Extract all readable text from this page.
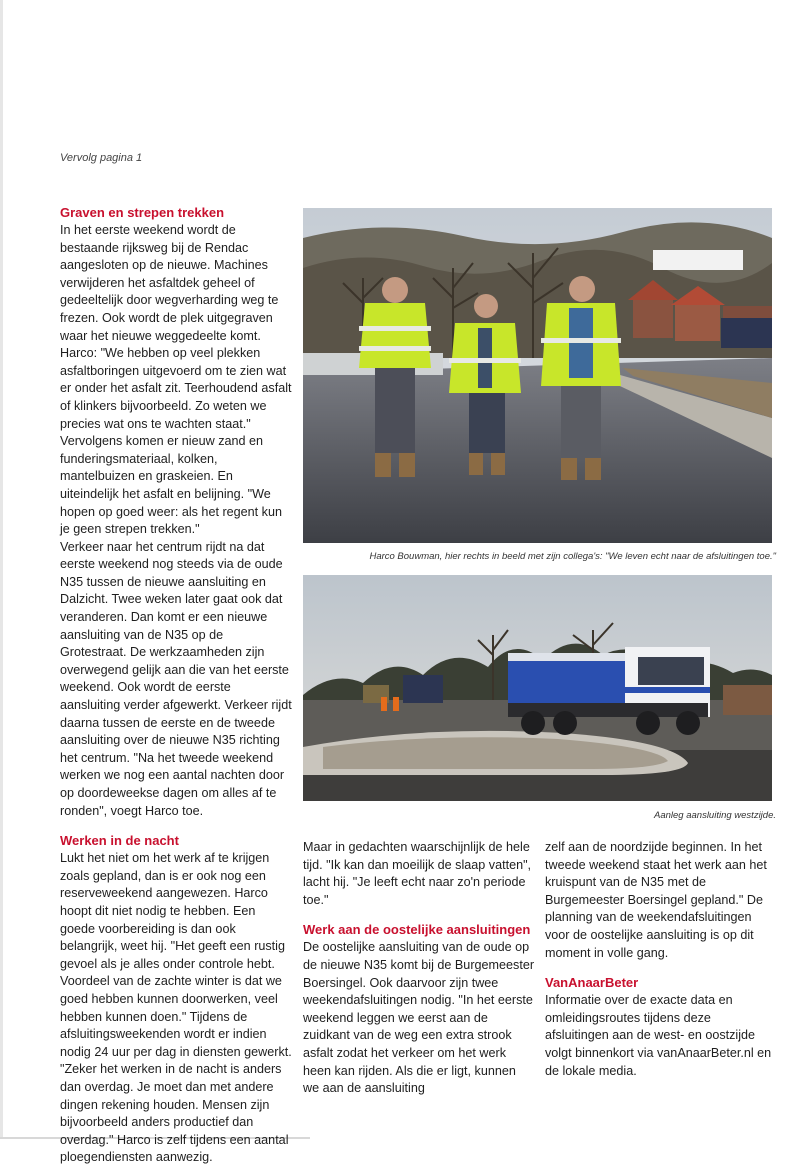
Vervolg pagina 1
Graven en strepen trekken

In het eerste weekend wordt de bestaande rijksweg bij de Rendac aangesloten op de nieuwe. Machines verwijderen het asfaltdek geheel of gedeeltelijk door wegverharding weg te frezen. Ook wordt de plek uitgegraven waar het nieuwe weggedeelte komt. Harco: "We hebben op veel plekken asfaltboringen uitgevoerd om te zien wat er onder het asfalt zit. Teerhoudend asfalt of klinkers bijvoorbeeld. Zo weten we precies wat ons te wachten staat." Vervolgens komen er nieuw zand en funderingsmateriaal, kolken, mantelbuizen en graskeien. En uiteindelijk het asfalt en belijning. "We hopen op goed weer: als het regent kun je geen strepen trekken."

Verkeer naar het centrum rijdt na dat eerste weekend nog steeds via de oude N35 tussen de nieuwe aansluiting en Dalzicht. Twee weken later gaat ook dat veranderen. Dan komt er een nieuwe aansluiting van de N35 op de Grotestraat. De werkzaamheden zijn overwegend gelijk aan die van het eerste weekend. Ook wordt de eerste aansluiting verder afgewerkt. Verkeer rijdt daarna tussen de eerste en de tweede aansluiting over de nieuwe N35 richting het centrum. "Na het tweede weekend werken we nog een aantal nachten door op doordeweekse dagen om alles af te ronden", voegt Harco toe.

Werken in de nacht

Lukt het niet om het werk af te krijgen zoals gepland, dan is er ook nog een reserveweekend aangewezen. Harco hoopt dit niet nodig te hebben. Een goede voorbereiding is dan ook belangrijk, weet hij. "Het geeft een rustig gevoel als je alles onder controle hebt. Voordeel van de zachte winter is dat we goed hebben kunnen doorwerken, veel hebben kunnen doen." Tijdens de afsluitingsweekenden wordt er indien nodig 24 uur per dag in diensten gewerkt. "Zeker het werken in de nacht is anders dan overdag. Je moet dan met andere dingen rekening houden. Mensen zijn bijvoorbeeld anders productief dan overdag." Harco is zelf tijdens een aantal ploegendiensten aanwezig.

Harco Bouwman, hier rechts in beeld met zijn collega's: "We leven echt naar de afsluitingen toe."
Aanleg aansluiting westzijde.

Maar in gedachten waarschijnlijk de hele tijd. "Ik kan dan moeilijk de slaap vatten", lacht hij. "Je leeft echt naar zo'n periode toe."

Werk aan de oostelijke aansluitingen

De oostelijke aansluiting van de oude op de nieuwe N35 komt bij de Burgemeester Boersingel. Ook daarvoor zijn twee weekendafsluitingen nodig. "In het eerste weekend leggen we eerst aan de zuidkant van de weg een extra strook asfalt zodat het verkeer om het werk heen kan rijden. Als die er ligt, kunnen we aan de aansluiting

zelf aan de noordzijde beginnen. In het tweede weekend staat het werk aan het kruispunt van de N35 met de Burgemeester Boersingel gepland." De planning van de weekendafsluitingen voor de oostelijke aansluiting is op dit moment in volle gang.

VanAnaarBeter

Informatie over de exacte data en omleidingsroutes tijdens deze afsluitingen aan de west- en oostzijde volgt binnenkort via vanAnaarBeter.nl en de lokale media.
